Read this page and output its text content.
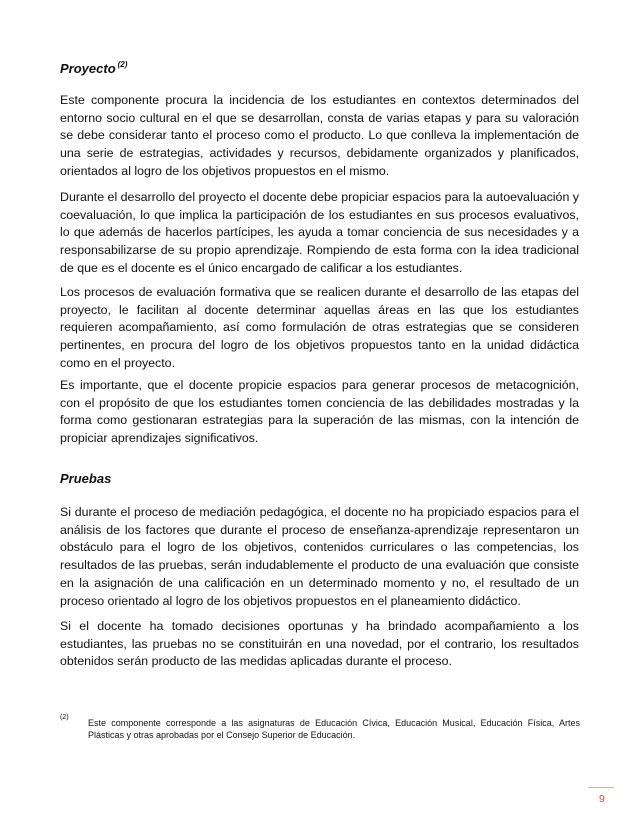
Proyecto $^{(2)}$

Este componente procura la incidencia de los estudiantes en contextos determinados del entorno socio cultural en el que se desarrollan, consta de varias etapas y para su valoración se debe considerar tanto el proceso como el producto. Lo que conlleva la implementación de una serie de estrategias, actividades y recursos, debidamente organizados y planificados, orientados al logro de los objetivos propuestos en el mismo.

Durante el desarrollo del proyecto el docente debe propiciar espacios para la autoevaluación y coevaluación, lo que implica la participación de los estudiantes en sus procesos evaluativos, lo que además de hacerlos partícipes, les ayuda a tomar conciencia de sus necesidades y a responsabilizarse de su propio aprendizaje. Rompiendo de esta forma con la idea tradicional de que es el docente es el único encargado de calificar a los estudiantes.

Los procesos de evaluación formativa que se realicen durante el desarrollo de las etapas del proyecto, le facilitan al docente determinar aquellas áreas en las que los estudiantes requieren acompañamiento, así como formulación de otras estrategias que se consideren pertinentes, en procura del logro de los objetivos propuestos tanto en la unidad didáctica como en el proyecto.

Es importante, que el docente propicie espacios para generar procesos de metacognición, con el propósito de que los estudiantes tomen conciencia de las debilidades mostradas y la forma como gestionaran estrategias para la superación de las mismas, con la intención de propiciar aprendizajes significativos.

Pruebas

Si durante el proceso de mediación pedagógica, el docente no ha propiciado espacios para el análisis de los factores que durante el proceso de enseñanza-aprendizaje representaron un obstáculo para el logro de los objetivos, contenidos curriculares o las competencias, los resultados de las pruebas, serán indudablemente el producto de una evaluación que consiste en la asignación de una calificación en un determinado momento y no, el resultado de un proceso orientado al logro de los objetivos propuestos en el planeamiento didáctico.

Si el docente ha tomado decisiones oportunas y ha brindado acompañamiento a los estudiantes, las pruebas no se constituirán en una novedad, por el contrario, los resultados obtenidos serán producto de las medidas aplicadas durante el proceso.

(2)

Este componente corresponde a las asignaturas de Educación Cívica, Educación Musical, Educación Física, Artes Plásticas y otras aprobadas por el Consejo Superior de Educación.

9
